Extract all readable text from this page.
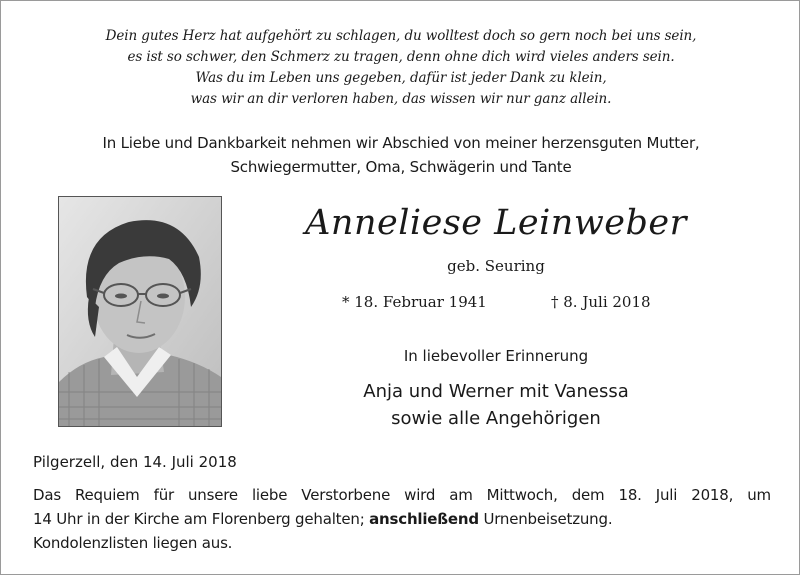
Dein gutes Herz hat aufgehört zu schlagen, du wolltest doch so gern noch bei uns sein,
es ist so schwer, den Schmerz zu tragen, denn ohne dich wird vieles anders sein.
Was du im Leben uns gegeben, dafür ist jeder Dank zu klein,
was wir an dir verloren haben, das wissen wir nur ganz allein.
In Liebe und Dankbarkeit nehmen wir Abschied von meiner herzensguten Mutter,
Schwiegermutter, Oma, Schwägerin und Tante
Anneliese Leinweber
geb. Seuring
* 18. Februar 1941	† 8. Juli 2018
In liebevoller Erinnerung
Anja und Werner mit Vanessa
sowie alle Angehörigen
Pilgerzell, den 14. Juli 2018
Das Requiem für unsere liebe Verstorbene wird am Mittwoch, dem 18. Juli 2018, um
14 Uhr in der Kirche am Florenberg gehalten; anschließend Urnenbeisetzung.
Kondolenzlisten liegen aus.
